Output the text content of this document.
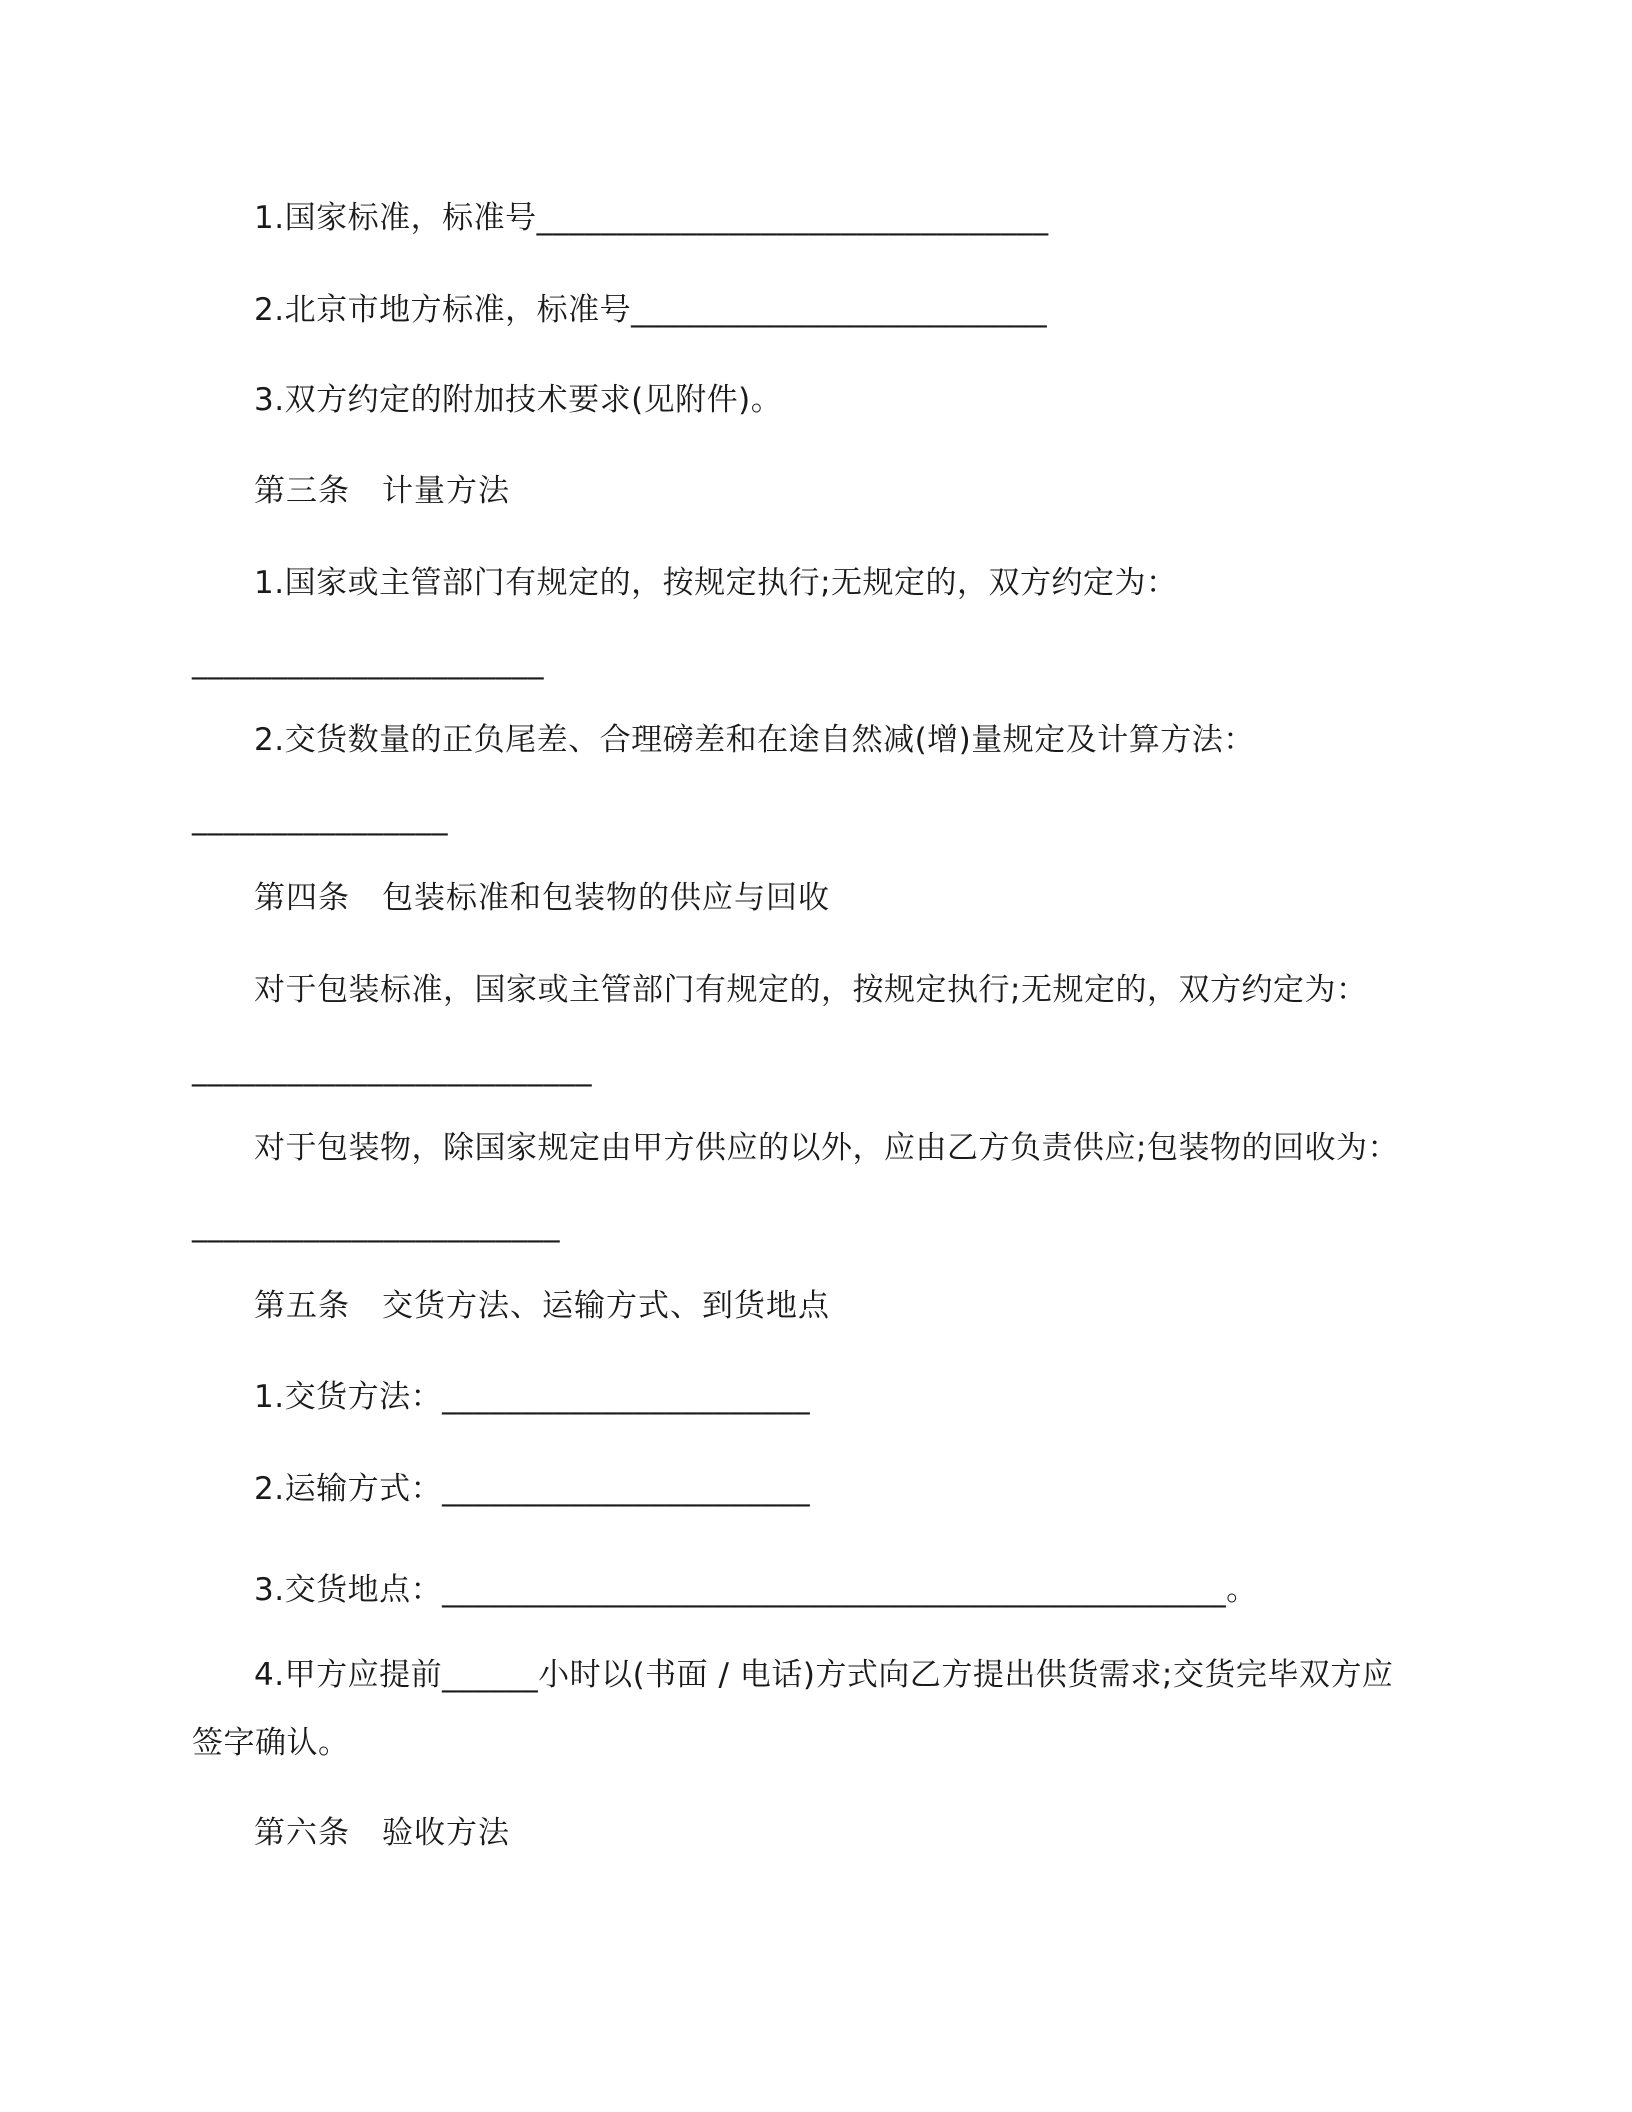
1.国家标准，标准号________________________________
2.北京市地方标准，标准号__________________________
3.双方约定的附加技术要求(见附件)。
第三条　计量方法
1.国家或主管部门有规定的，按规定执行;无规定的，双方约定为：
______________________
2.交货数量的正负尾差、合理磅差和在途自然减(增)量规定及计算方法：
________________
第四条　包装标准和包装物的供应与回收
对于包装标准，国家或主管部门有规定的，按规定执行;无规定的，双方约定为：
_________________________
对于包装物，除国家规定由甲方供应的以外，应由乙方负责供应;包装物的回收为：
_______________________
第五条　交货方法、运输方式、到货地点
1.交货方法：_______________________
2.运输方式：_______________________
3.交货地点：_________________________________________________。
4.甲方应提前______小时以(书面 / 电话)方式向乙方提出供货需求;交货完毕双方应
签字确认。
第六条　验收方法
